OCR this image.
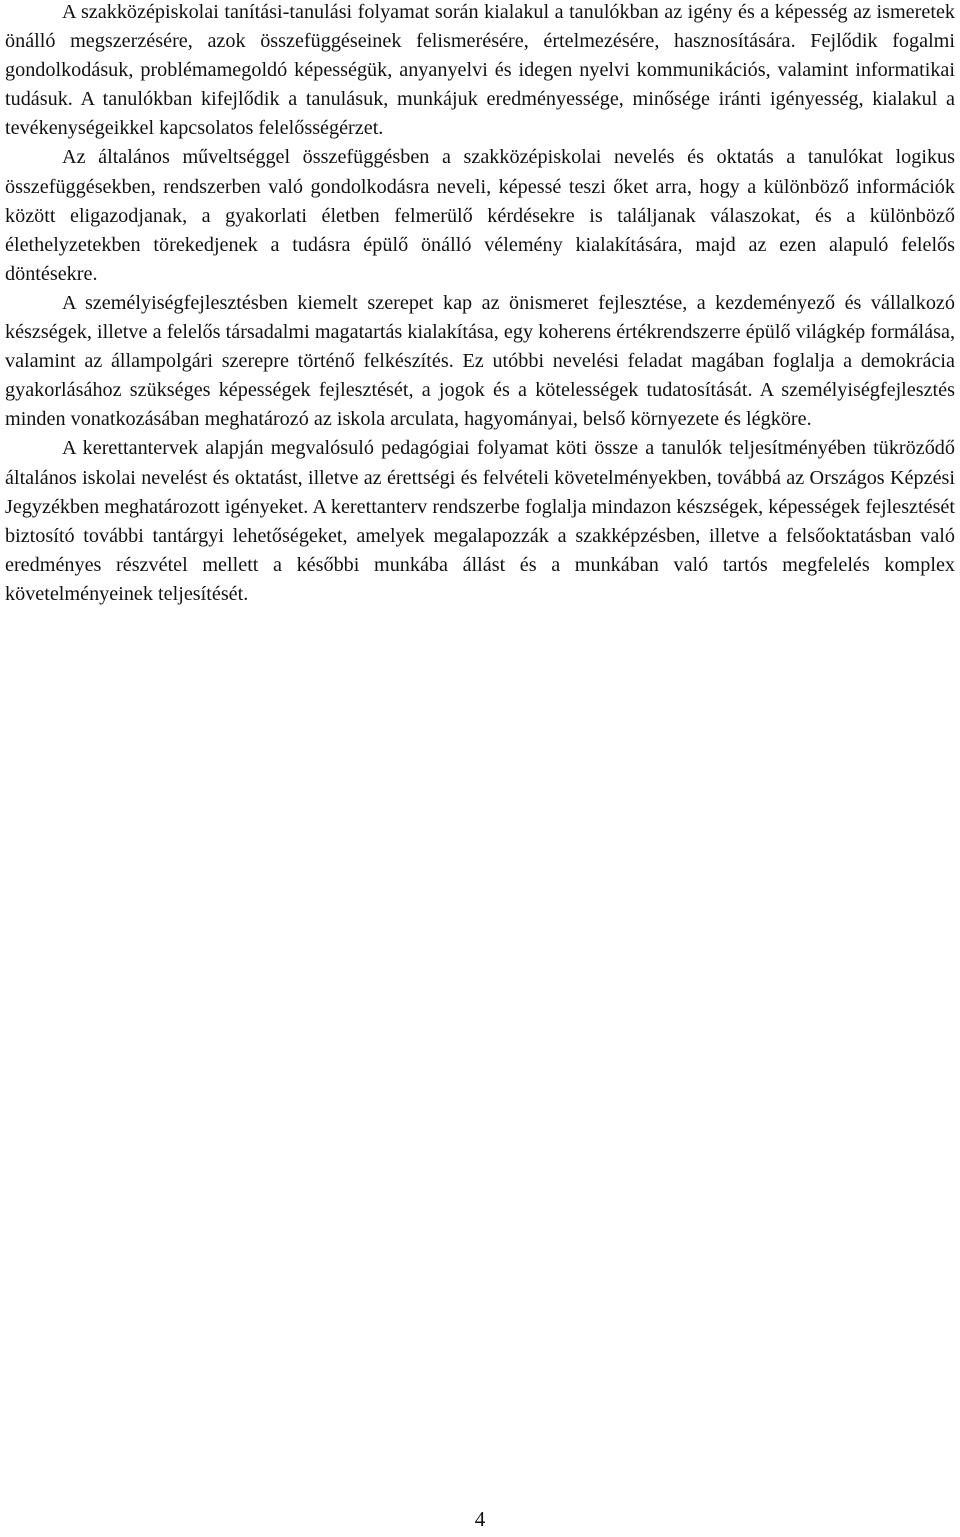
A szakközépiskolai tanítási-tanulási folyamat során kialakul a tanulókban az igény és a képesség az ismeretek önálló megszerzésére, azok összefüggéseinek felismerésére, értelmezésére, hasznosítására. Fejlődik fogalmi gondolkodásuk, problémamegoldó képességük, anyanyelvi és idegen nyelvi kommunikációs, valamint informatikai tudásuk. A tanulókban kifejlődik a tanulásuk, munkájuk eredményessége, minősége iránti igényesség, kialakul a tevékenységeikkel kapcsolatos felelősségérzet.

Az általános műveltséggel összefüggésben a szakközépiskolai nevelés és oktatás a tanulókat logikus összefüggésekben, rendszerben való gondolkodásra neveli, képessé teszi őket arra, hogy a különböző információk között eligazodjanak, a gyakorlati életben felmerülő kérdésekre is találjanak válaszokat, és a különböző élethelyzetekben törekedjenek a tudásra épülő önálló vélemény kialakítására, majd az ezen alapuló felelős döntésekre.

A személyiségfejlesztésben kiemelt szerepet kap az önismeret fejlesztése, a kezdeményező és vállalkozó készségek, illetve a felelős társadalmi magatartás kialakítása, egy koherens értékrendszerre épülő világkép formálása, valamint az állampolgári szerepre történő felkészítés. Ez utóbbi nevelési feladat magában foglalja a demokrácia gyakorlásához szükséges képességek fejlesztését, a jogok és a kötelességek tudatosítását. A személyiségfejlesztés minden vonatkozásában meghatározó az iskola arculata, hagyományai, belső környezete és légköre.

A kerettantervek alapján megvalósuló pedagógiai folyamat köti össze a tanulók teljesítményében tükröződő általános iskolai nevelést és oktatást, illetve az érettségi és felvételi követelményekben, továbbá az Országos Képzési Jegyzékben meghatározott igényeket. A kerettanterv rendszerbe foglalja mindazon készségek, képességek fejlesztését biztosító további tantárgyi lehetőségeket, amelyek megalapozzák a szakképzésben, illetve a felsőoktatásban való eredményes részvétel mellett a későbbi munkába állást és a munkában való tartós megfelelés komplex követelményeinek teljesítését.

4
